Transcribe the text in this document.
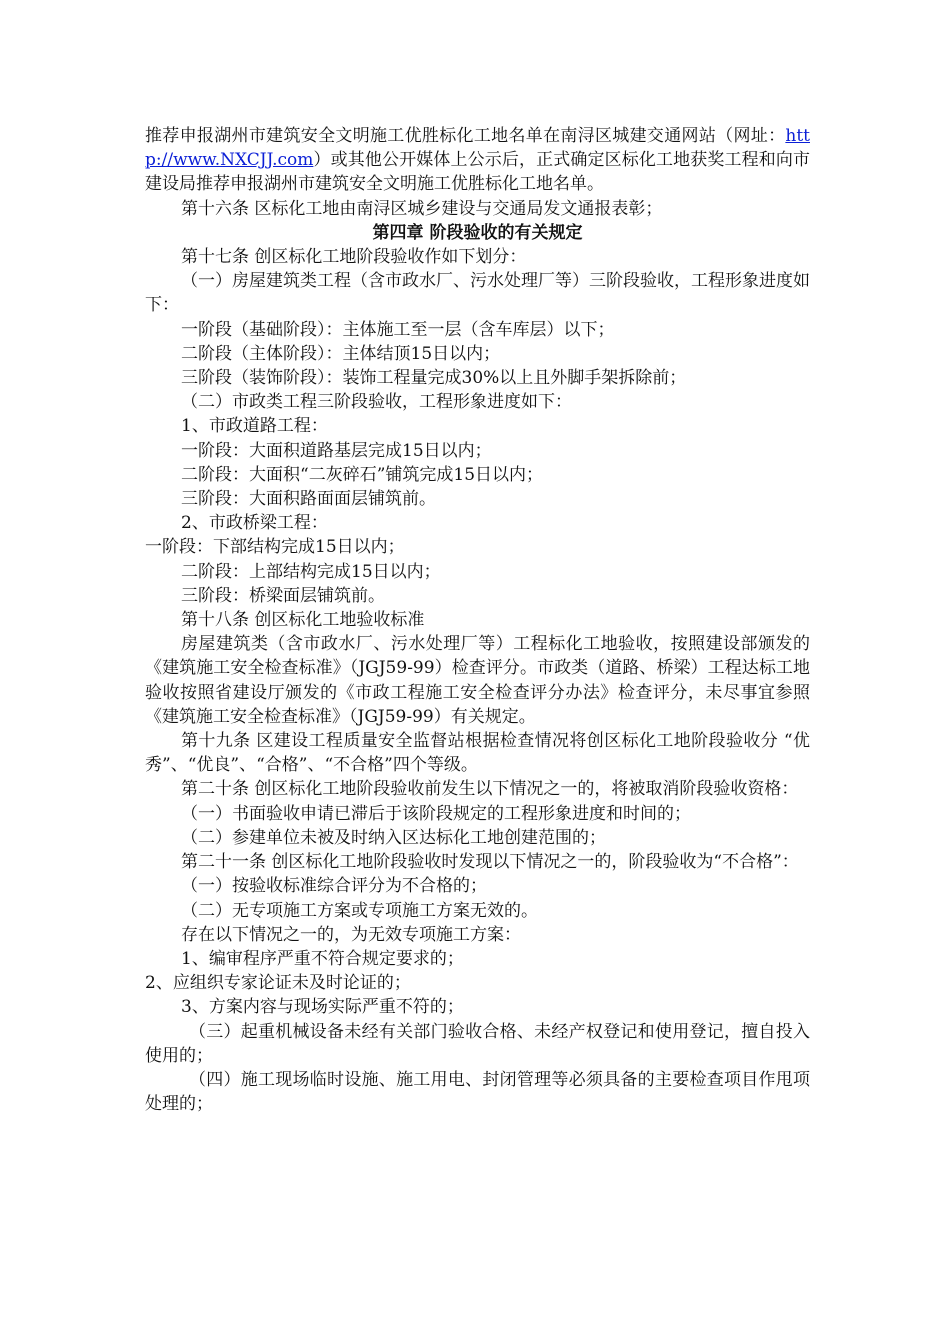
推荐申报湖州市建筑安全文明施工优胜标化工地名单在南浔区城建交通网站（网址：http://www.NXCJJ.com）或其他公开媒体上公示后，正式确定区标化工地获奖工程和向市建设局推荐申报湖州市建筑安全文明施工优胜标化工地名单。

第十六条 区标化工地由南浔区城乡建设与交通局发文通报表彰；

第四章 阶段验收的有关规定

第十七条 创区标化工地阶段验收作如下划分：

（一）房屋建筑类工程（含市政水厂、污水处理厂等）三阶段验收，工程形象进度如下：

一阶段（基础阶段）：主体施工至一层（含车库层）以下；

二阶段（主体阶段）：主体结顶15日以内；

三阶段（装饰阶段）：装饰工程量完成30%以上且外脚手架拆除前；

（二）市政类工程三阶段验收，工程形象进度如下：

1、市政道路工程：

一阶段：大面积道路基层完成15日以内；

二阶段：大面积“二灰碎石”铺筑完成15日以内；

三阶段：大面积路面面层铺筑前。

2、市政桥梁工程：

一阶段：下部结构完成15日以内；

二阶段：上部结构完成15日以内；

三阶段：桥梁面层铺筑前。

第十八条 创区标化工地验收标准

房屋建筑类（含市政水厂、污水处理厂等）工程标化工地验收，按照建设部颁发的《建筑施工安全检查标准》（JGJ59-99）检查评分。市政类（道路、桥梁）工程达标工地验收按照省建设厅颁发的《市政工程施工安全检查评分办法》检查评分，未尽事宜参照《建筑施工安全检查标准》（JGJ59-99）有关规定。

第十九条 区建设工程质量安全监督站根据检查情况将创区标化工地阶段验收分 “优秀”、“优良”、“合格”、“不合格”四个等级。

第二十条 创区标化工地阶段验收前发生以下情况之一的，将被取消阶段验收资格：

（一）书面验收申请已滞后于该阶段规定的工程形象进度和时间的；

（二）参建单位未被及时纳入区达标化工地创建范围的；

第二十一条 创区标化工地阶段验收时发现以下情况之一的，阶段验收为“不合格”：

（一）按验收标准综合评分为不合格的；

（二）无专项施工方案或专项施工方案无效的。

存在以下情况之一的，为无效专项施工方案：

1、编审程序严重不符合规定要求的；

2、应组织专家论证未及时论证的；

3、方案内容与现场实际严重不符的；

（三）起重机械设备未经有关部门验收合格、未经产权登记和使用登记，擅自投入使用的；

（四）施工现场临时设施、施工用电、封闭管理等必须具备的主要检查项目作甩项处理的；
